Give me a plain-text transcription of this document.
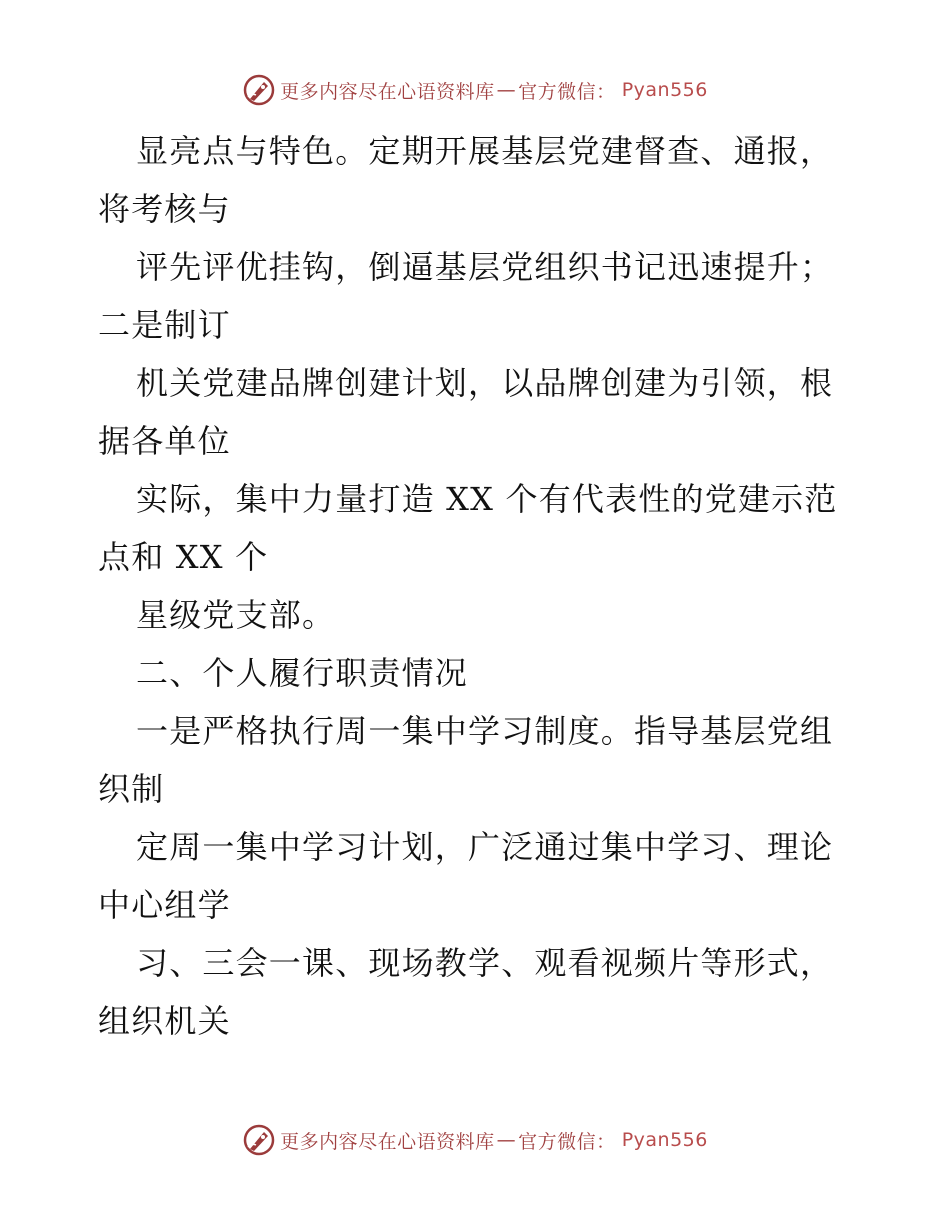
更多内容尽在心语资料库 — 官方微信 ： Pyan556
显亮点与特色。定期开展基层党建督查、通报，
将考核与
评先评优挂钩，倒逼基层党组织书记迅速提升；
二是制订
机关党建品牌创建计划，以品牌创建为引领，根
据各单位
实际，集中力量打造 XX 个有代表性的党建示范
点和 XX 个
星级党支部。
二、个人履行职责情况
一是严格执行周一集中学习制度。指导基层党组
织制
定周一集中学习计划，广泛通过集中学习、理论
中心组学
习、三会一课、现场教学、观看视频片等形式，
组织机关
更多内容尽在心语资料库 — 官方微信 ： Pyan556
